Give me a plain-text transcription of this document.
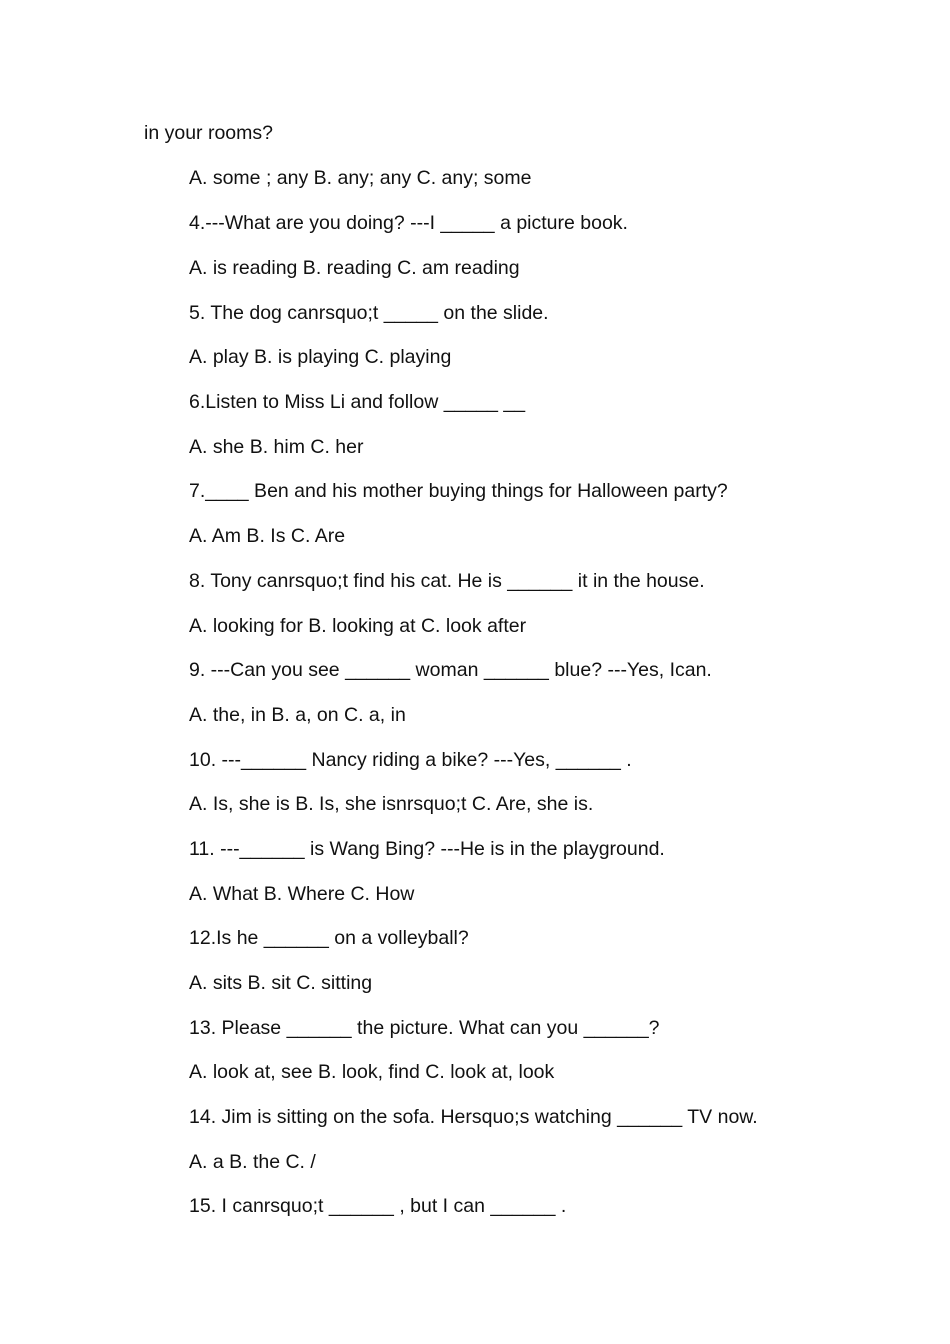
in your rooms?

A. some ; any B. any; any C. any; some

4.---What are you doing? ---I _____ a picture book.

A. is reading B. reading C. am reading

5. The dog canrsquo;t _____ on the slide.

A. play B. is playing C. playing

6.Listen to Miss Li and follow _____ __

A. she B. him C. her

7.____ Ben and his mother buying things for Halloween party?

A. Am B. Is C. Are

8. Tony canrsquo;t find his cat. He is ______ it in the house.

A. looking for B. looking at C. look after

9. ---Can you see ______ woman ______ blue? ---Yes, Ican.

A. the, in B. a, on C. a, in

10. ---______ Nancy riding a bike? ---Yes, ______ .

A. Is, she is B. Is, she isnrsquo;t C. Are, she is.

11. ---______ is Wang Bing? ---He is in the playground.

A. What B. Where C. How

12.Is he ______ on a volleyball?

A. sits B. sit C. sitting

13. Please ______ the picture. What can you ______?

A. look at, see B. look, find C. look at, look

14. Jim is sitting on the sofa. Hersquo;s watching ______ TV now.

A. a B. the C. /

15. I canrsquo;t ______ , but I can ______ .
